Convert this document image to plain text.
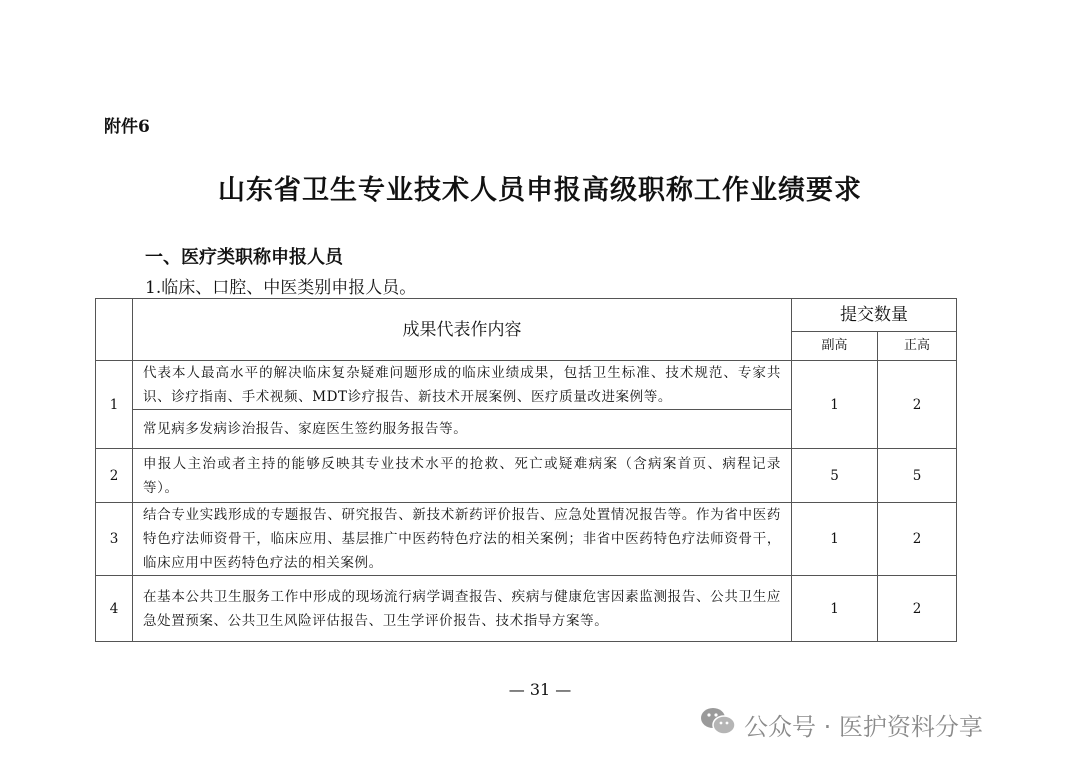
附件6
山东省卫生专业技术人员申报高级职称工作业绩要求
一、医疗类职称申报人员
1.临床、口腔、中医类别申报人员。
	成果代表作内容	提交数量	
		副高	正高
1	代表本人最高水平的解决临床复杂疑难问题形成的临床业绩成果，包括卫生标准、技术规范、专家共识、诊疗指南、手术视频、MDT诊疗报告、新技术开展案例、医疗质量改进案例等。	1	2
	常见病多发病诊治报告、家庭医生签约服务报告等。		
2	申报人主治或者主持的能够反映其专业技术水平的抢救、死亡或疑难病案（含病案首页、病程记录等）。	5	5
3	结合专业实践形成的专题报告、研究报告、新技术新药评价报告、应急处置情况报告等。作为省中医药特色疗法师资骨干，临床应用、基层推广中医药特色疗法的相关案例；非省中医药特色疗法师资骨干，临床应用中医药特色疗法的相关案例。	1	2
4	在基本公共卫生服务工作中形成的现场流行病学调查报告、疾病与健康危害因素监测报告、公共卫生应急处置预案、公共卫生风险评估报告、卫生学评价报告、技术指导方案等。	1	2
— 31 —
公众号 · 医护资料分享
